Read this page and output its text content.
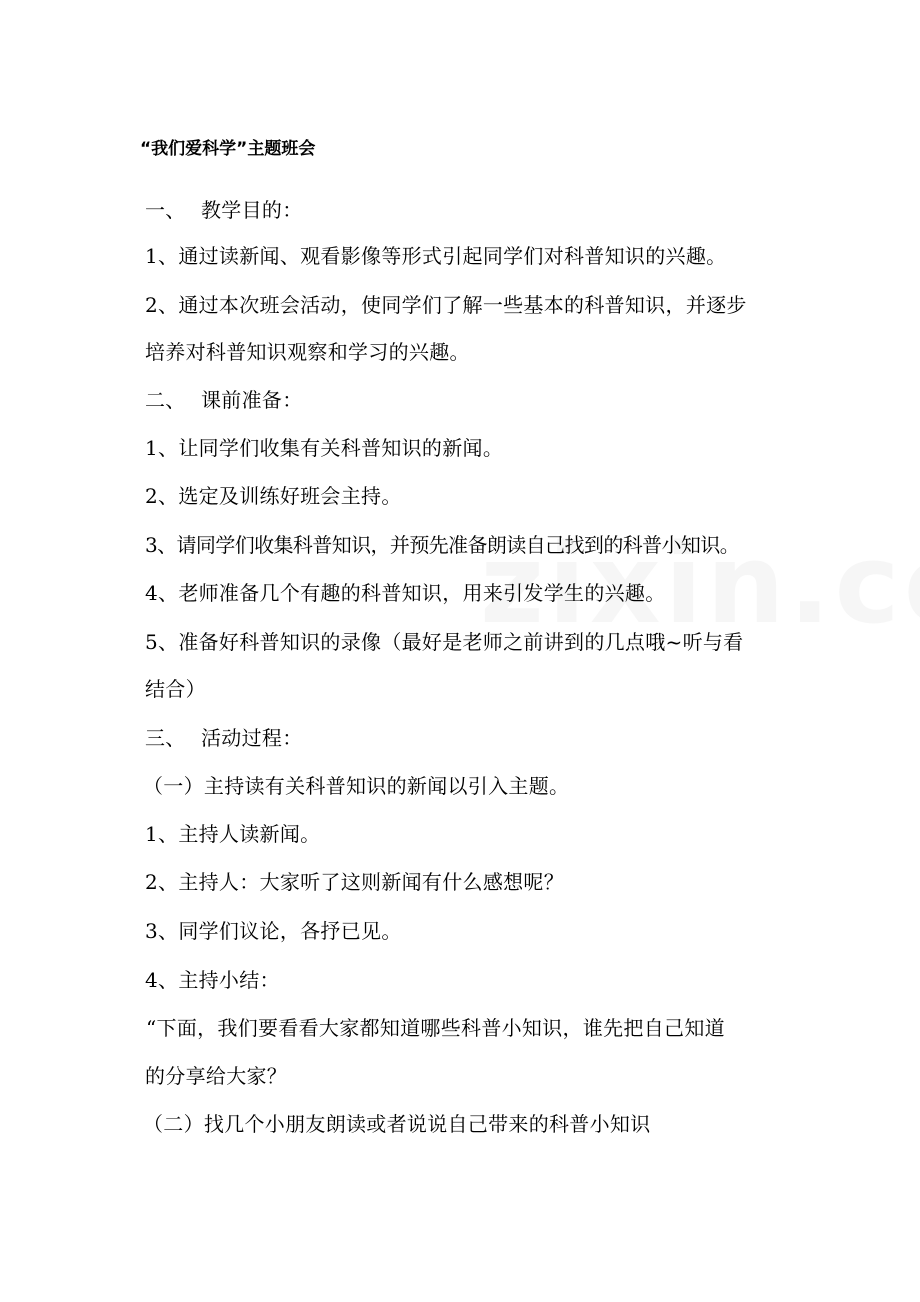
“我们爱科学”主题班会
一、 教学目的：
1、通过读新闻、观看影像等形式引起同学们对科普知识的兴趣。
2、通过本次班会活动，使同学们了解一些基本的科普知识，并逐步
培养对科普知识观察和学习的兴趣。
二、 课前准备：
1、让同学们收集有关科普知识的新闻。
2、选定及训练好班会主持。
3、请同学们收集科普知识，并预先准备朗读自己找到的科普小知识。
4、老师准备几个有趣的科普知识，用来引发学生的兴趣。
5、准备好科普知识的录像（最好是老师之前讲到的几点哦~听与看
结合）
三、 活动过程：
（一）主持读有关科普知识的新闻以引入主题。
1、主持人读新闻。
2、主持人：大家听了这则新闻有什么感想呢？
3、同学们议论，各抒已见。
4、主持小结：
“下面，我们要看看大家都知道哪些科普小知识，谁先把自己知道
的分享给大家？
（二）找几个小朋友朗读或者说说自己带来的科普小知识
